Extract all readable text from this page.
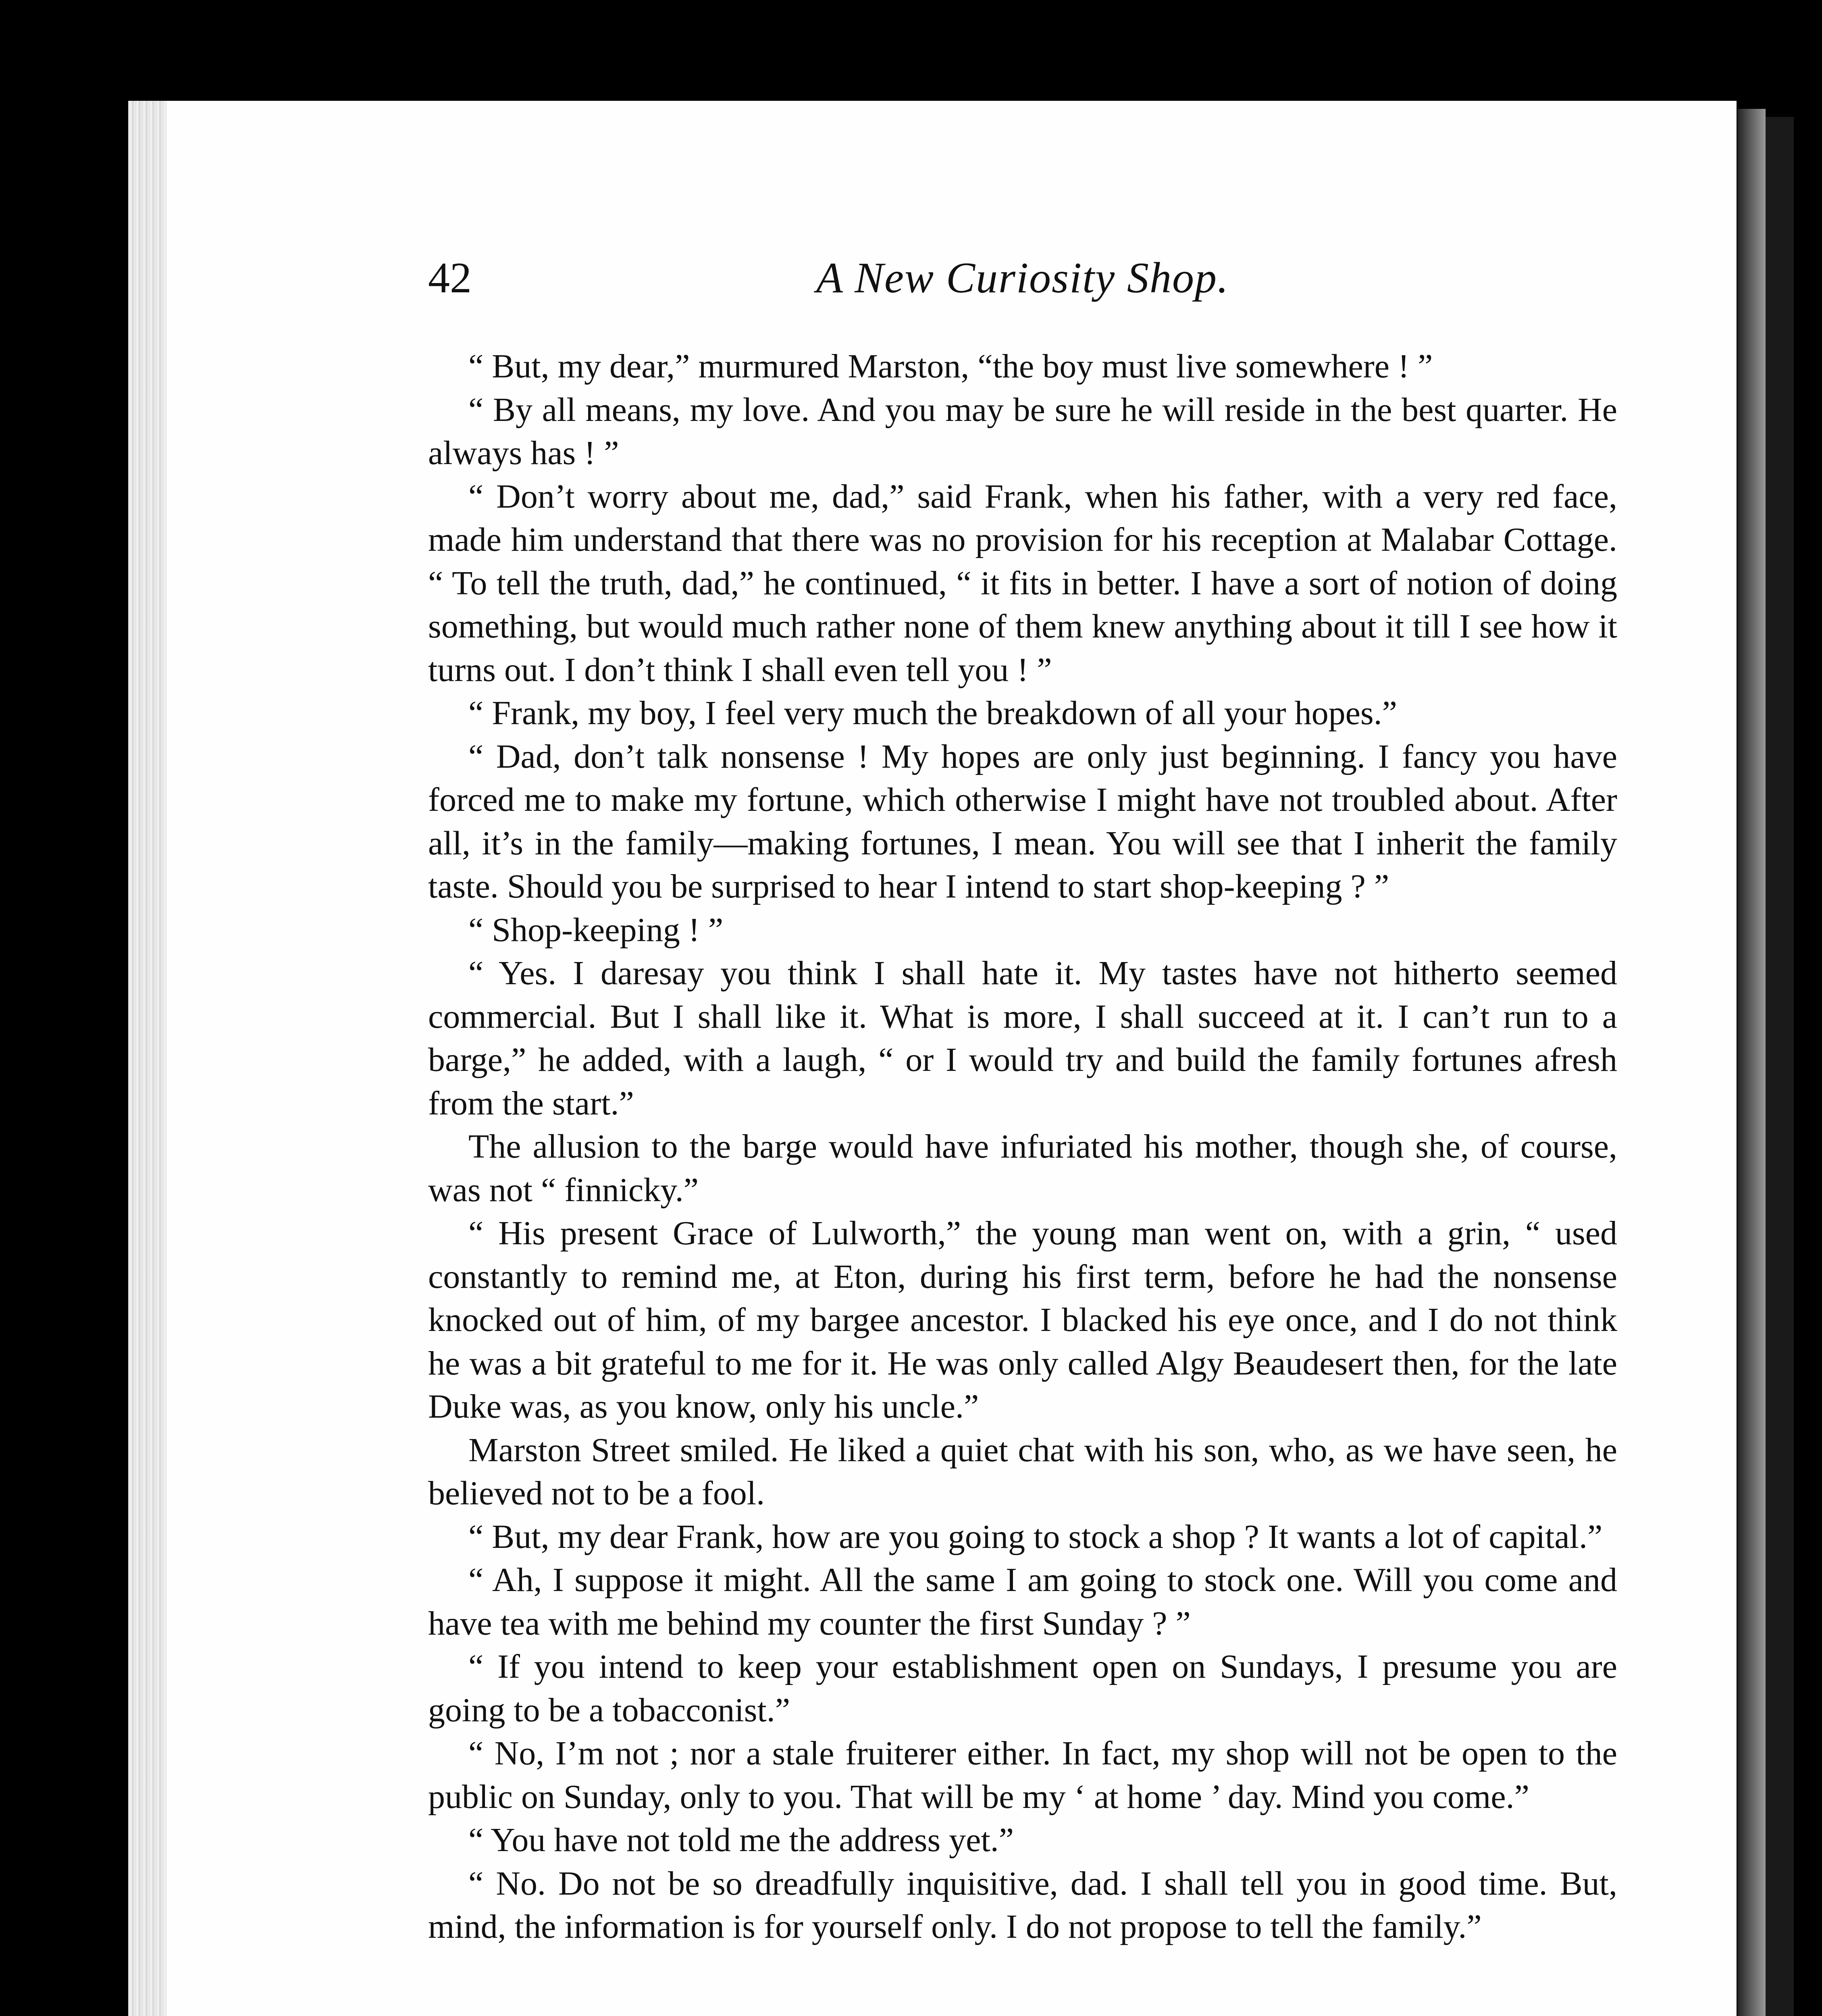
42	A New Curiosity Shop.

“ But, my dear,” murmured Marston, “the boy must live somewhere ! ”

“ By all means, my love. And you may be sure he will reside in the best quarter. He always has ! ”

“ Don’t worry about me, dad,” said Frank, when his father, with a very red face, made him understand that there was no provision for his reception at Malabar Cottage. “ To tell the truth, dad,” he continued, “ it fits in better. I have a sort of notion of doing something, but would much rather none of them knew anything about it till I see how it turns out. I don’t think I shall even tell you ! ”

“ Frank, my boy, I feel very much the breakdown of all your hopes.”

“ Dad, don’t talk nonsense ! My hopes are only just beginning. I fancy you have forced me to make my fortune, which otherwise I might have not troubled about. After all, it’s in the family—making fortunes, I mean. You will see that I inherit the family taste. Should you be surprised to hear I intend to start shop-keeping ? ”

“ Shop-keeping ! ”

“ Yes. I daresay you think I shall hate it. My tastes have not hitherto seemed commercial. But I shall like it. What is more, I shall succeed at it. I can’t run to a barge,” he added, with a laugh, “ or I would try and build the family fortunes afresh from the start.”

The allusion to the barge would have infuriated his mother, though she, of course, was not “ finnicky.”

“ His present Grace of Lulworth,” the young man went on, with a grin, “ used constantly to remind me, at Eton, during his first term, before he had the nonsense knocked out of him, of my bargee ancestor. I blacked his eye once, and I do not think he was a bit grateful to me for it. He was only called Algy Beaudesert then, for the late Duke was, as you know, only his uncle.”

Marston Street smiled. He liked a quiet chat with his son, who, as we have seen, he believed not to be a fool.

“ But, my dear Frank, how are you going to stock a shop ? It wants a lot of capital.”

“ Ah, I suppose it might. All the same I am going to stock one. Will you come and have tea with me behind my counter the first Sunday ? ”

“ If you intend to keep your establishment open on Sundays, I presume you are going to be a tobacconist.”

“ No, I’m not ; nor a stale fruiterer either. In fact, my shop will not be open to the public on Sunday, only to you. That will be my ‘ at home ’ day. Mind you come.”

“ You have not told me the address yet.”

“ No. Do not be so dreadfully inquisitive, dad. I shall tell you in good time. But, mind, the information is for yourself only. I do not propose to tell the family.”
